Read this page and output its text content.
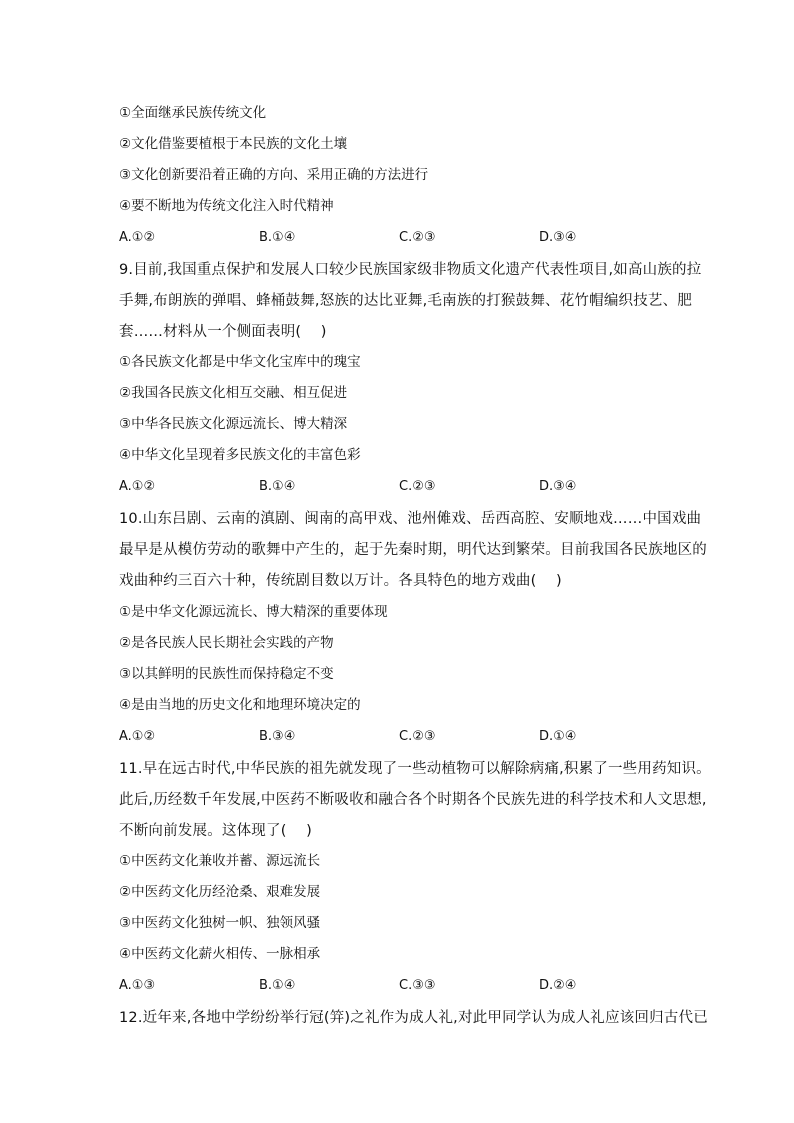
①全面继承民族传统文化
②文化借鉴要植根于本民族的文化土壤
③文化创新要沿着正确的方向、采用正确的方法进行
④要不断地为传统文化注入时代精神
A.①②	B.①④	C.②③	D.③④
9.目前,我国重点保护和发展人口较少民族国家级非物质文化遗产代表性项目,如高山族的拉
手舞,布朗族的弹唱、蜂桶鼓舞,怒族的达比亚舞,毛南族的打猴鼓舞、花竹帽编织技艺、肥
套……材料从一个侧面表明(　 )
①各民族文化都是中华文化宝库中的瑰宝
②我国各民族文化相互交融、相互促进
③中华各民族文化源远流长、博大精深
④中华文化呈现着多民族文化的丰富色彩
A.①②	B.①④	C.②③	D.③④
10.山东吕剧、云南的滇剧、闽南的高甲戏、池州傩戏、岳西高腔、安顺地戏……中国戏曲
最早是从模仿劳动的歌舞中产生的，起于先秦时期，明代达到繁荣。目前我国各民族地区的
戏曲种约三百六十种，传统剧目数以万计。各具特色的地方戏曲(　 )
①是中华文化源远流长、博大精深的重要体现
②是各民族人民长期社会实践的产物
③以其鲜明的民族性而保持稳定不变
④是由当地的历史文化和地理环境决定的
A.①②	B.③④	C.②③	D.①④
11.早在远古时代,中华民族的祖先就发现了一些动植物可以解除病痛,积累了一些用药知识。
此后,历经数千年发展,中医药不断吸收和融合各个时期各个民族先进的科学技术和人文思想,
不断向前发展。这体现了(　 )
①中医药文化兼收并蓄、源远流长
②中医药文化历经沧桑、艰难发展
③中医药文化独树一帜、独领风骚
④中医药文化薪火相传、一脉相承
A.①③	B.①④	C.③③	D.②④
12.近年来,各地中学纷纷举行冠(笄)之礼作为成人礼,对此甲同学认为成人礼应该回归古代已
